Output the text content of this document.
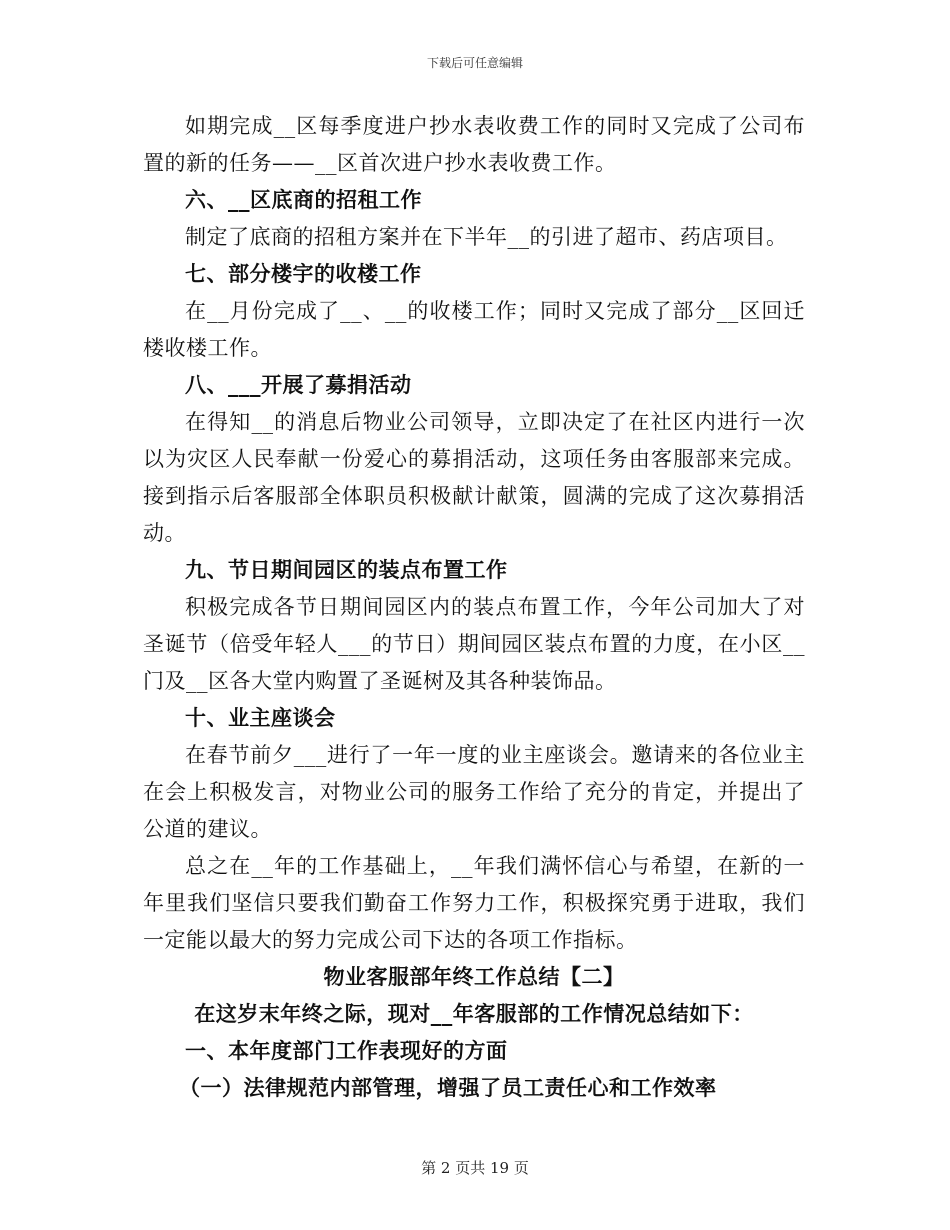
下载后可任意编辑

如期完成__区每季度进户抄水表收费工作的同时又完成了公司布置的新的任务——__区首次进户抄水表收费工作。

六、__区底商的招租工作

制定了底商的招租方案并在下半年__的引进了超市、药店项目。

七、部分楼宇的收楼工作

在__月份完成了__、__的收楼工作；同时又完成了部分__区回迁楼收楼工作。

八、___开展了募捐活动

在得知__的消息后物业公司领导，立即决定了在社区内进行一次以为灾区人民奉献一份爱心的募捐活动，这项任务由客服部来完成。接到指示后客服部全体职员积极献计献策，圆满的完成了这次募捐活动。

九、节日期间园区的装点布置工作

积极完成各节日期间园区内的装点布置工作，今年公司加大了对圣诞节（倍受年轻人___的节日）期间园区装点布置的力度，在小区__门及__区各大堂内购置了圣诞树及其各种装饰品。

十、业主座谈会

在春节前夕___进行了一年一度的业主座谈会。邀请来的各位业主在会上积极发言，对物业公司的服务工作给了充分的肯定，并提出了公道的建议。

总之在__年的工作基础上，__年我们满怀信心与希望，在新的一年里我们坚信只要我们勤奋工作努力工作，积极探究勇于进取，我们一定能以最大的努力完成公司下达的各项工作指标。

物业客服部年终工作总结【二】

在这岁末年终之际，现对__年客服部的工作情况总结如下：

一、本年度部门工作表现好的方面

（一）法律规范内部管理，增强了员工责任心和工作效率

第 2 页共 19 页
